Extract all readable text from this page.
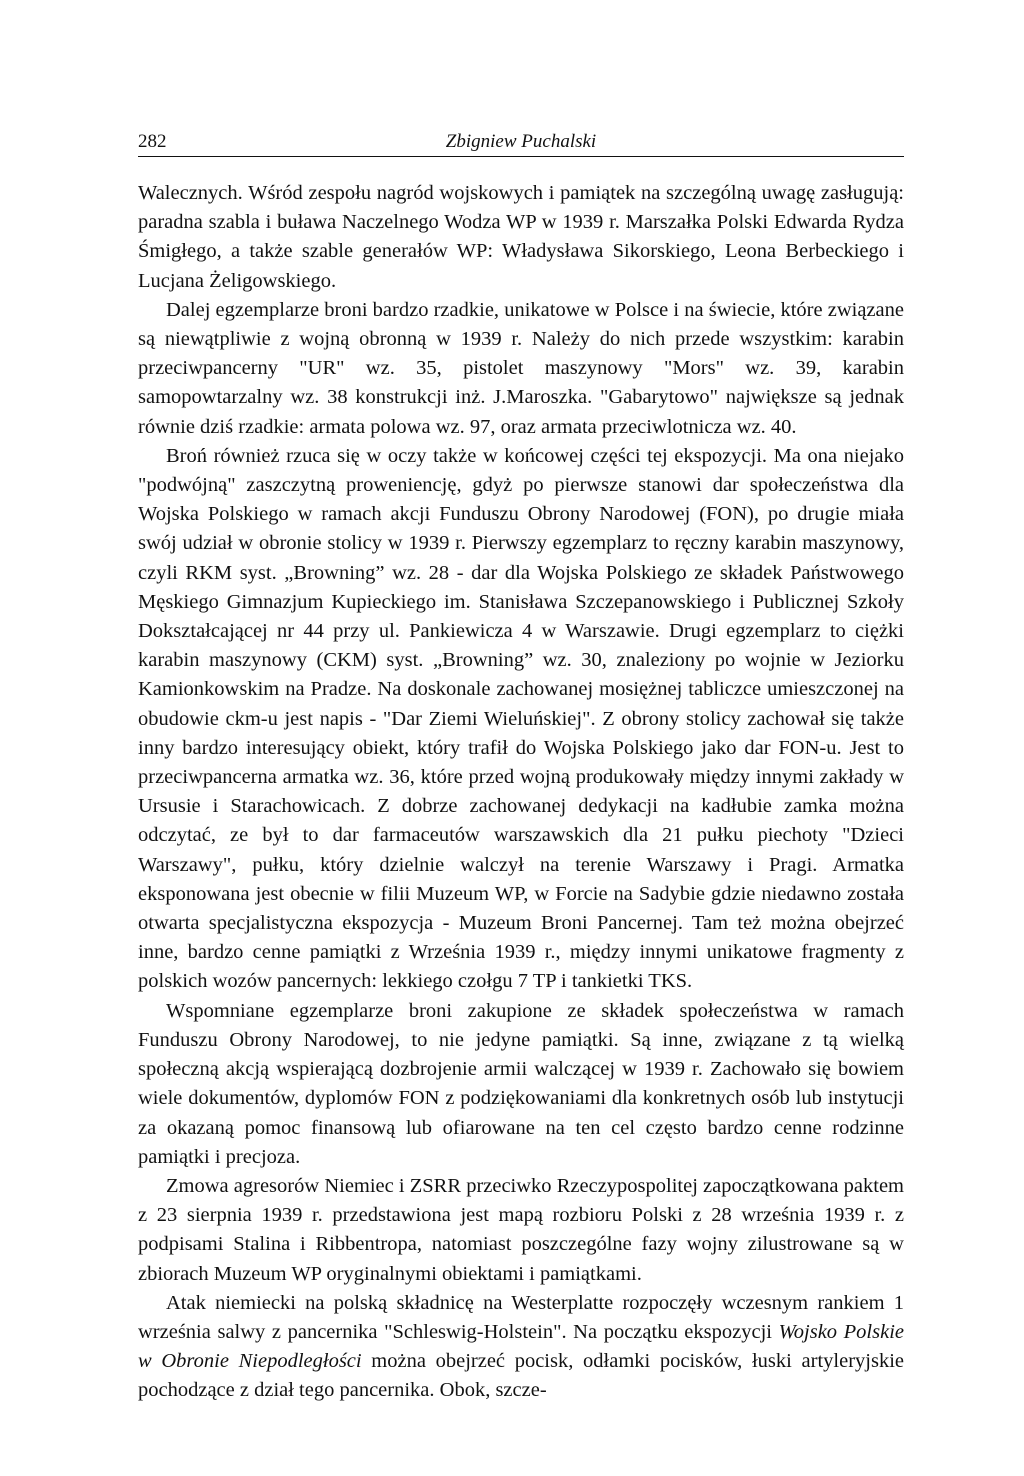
282	Zbigniew Puchalski

Walecznych. Wśród zespołu nagród wojskowych i pamiątek na szczególną uwagę zasługują: paradna szabla i buława Naczelnego Wodza WP w 1939 r. Marszałka Polski Edwarda Rydza Śmigłego, a także szable generałów WP: Władysława Sikorskiego, Leona Berbeckiego i Lucjana Żeligowskiego.

Dalej egzemplarze broni bardzo rzadkie, unikatowe w Polsce i na świecie, które związane są niewątpliwie z wojną obronną w 1939 r. Należy do nich przede wszystkim: karabin przeciwpancerny "UR" wz. 35, pistolet maszynowy "Mors" wz. 39, karabin samopowtarzalny wz. 38 konstrukcji inż. J.Maroszka. "Gabarytowo" największe są jednak równie dziś rzadkie: armata polowa wz. 97, oraz armata przeciwlotnicza wz. 40.

Broń również rzuca się w oczy także w końcowej części tej ekspozycji. Ma ona niejako "podwójną" zaszczytną proweniencję, gdyż po pierwsze stanowi dar społeczeństwa dla Wojska Polskiego w ramach akcji Funduszu Obrony Narodowej (FON), po drugie miała swój udział w obronie stolicy w 1939 r. Pierwszy egzemplarz to ręczny karabin maszynowy, czyli RKM syst. „Browning” wz. 28 - dar dla Wojska Polskiego ze składek Państwowego Męskiego Gimnazjum Kupieckiego im. Stanisława Szczepanowskiego i Publicznej Szkoły Dokształcającej nr 44 przy ul. Pankiewicza 4 w Warszawie. Drugi egzemplarz to ciężki karabin maszynowy (CKM) syst. „Browning” wz. 30, znaleziony po wojnie w Jeziorku Kamionkowskim na Pradze. Na doskonale zachowanej mosiężnej tabliczce umieszczonej na obudowie ckm-u jest napis - "Dar Ziemi Wieluńskiej". Z obrony stolicy zachował się także inny bardzo interesujący obiekt, który trafił do Wojska Polskiego jako dar FON-u. Jest to przeciwpancerna armatka wz. 36, które przed wojną produkowały między innymi zakłady w Ursusie i Starachowicach. Z dobrze zachowanej dedykacji na kadłubie zamka można odczytać, ze był to dar farmaceutów warszawskich dla 21 pułku piechoty "Dzieci Warszawy", pułku, który dzielnie walczył na terenie Warszawy i Pragi. Armatka eksponowana jest obecnie w filii Muzeum WP, w Forcie na Sadybie gdzie niedawno została otwarta specjalistyczna ekspozycja - Muzeum Broni Pancernej. Tam też można obejrzeć inne, bardzo cenne pamiątki z Września 1939 r., między innymi unikatowe fragmenty z polskich wozów pancernych: lekkiego czołgu 7 TP i tankietki TKS.

Wspomniane egzemplarze broni zakupione ze składek społeczeństwa w ramach Funduszu Obrony Narodowej, to nie jedyne pamiątki. Są inne, związane z tą wielką społeczną akcją wspierającą dozbrojenie armii walczącej w 1939 r. Zachowało się bowiem wiele dokumentów, dyplomów FON z podziękowaniami dla konkretnych osób lub instytucji za okazaną pomoc finansową lub ofiarowane na ten cel często bardzo cenne rodzinne pamiątki i precjoza.

Zmowa agresorów Niemiec i ZSRR przeciwko Rzeczypospolitej zapoczątkowana paktem z 23 sierpnia 1939 r. przedstawiona jest mapą rozbioru Polski z 28 września 1939 r. z podpisami Stalina i Ribbentropa, natomiast poszczególne fazy wojny zilustrowane są w zbiorach Muzeum WP oryginalnymi obiektami i pamiątkami.

Atak niemiecki na polską składnicę na Westerplatte rozpoczęły wczesnym rankiem 1 września salwy z pancernika "Schleswig-Holstein". Na początku ekspozycji Wojsko Polskie w Obronie Niepodległości można obejrzeć pocisk, odłamki pocisków, łuski artyleryjskie pochodzące z dział tego pancernika. Obok, szcze-
